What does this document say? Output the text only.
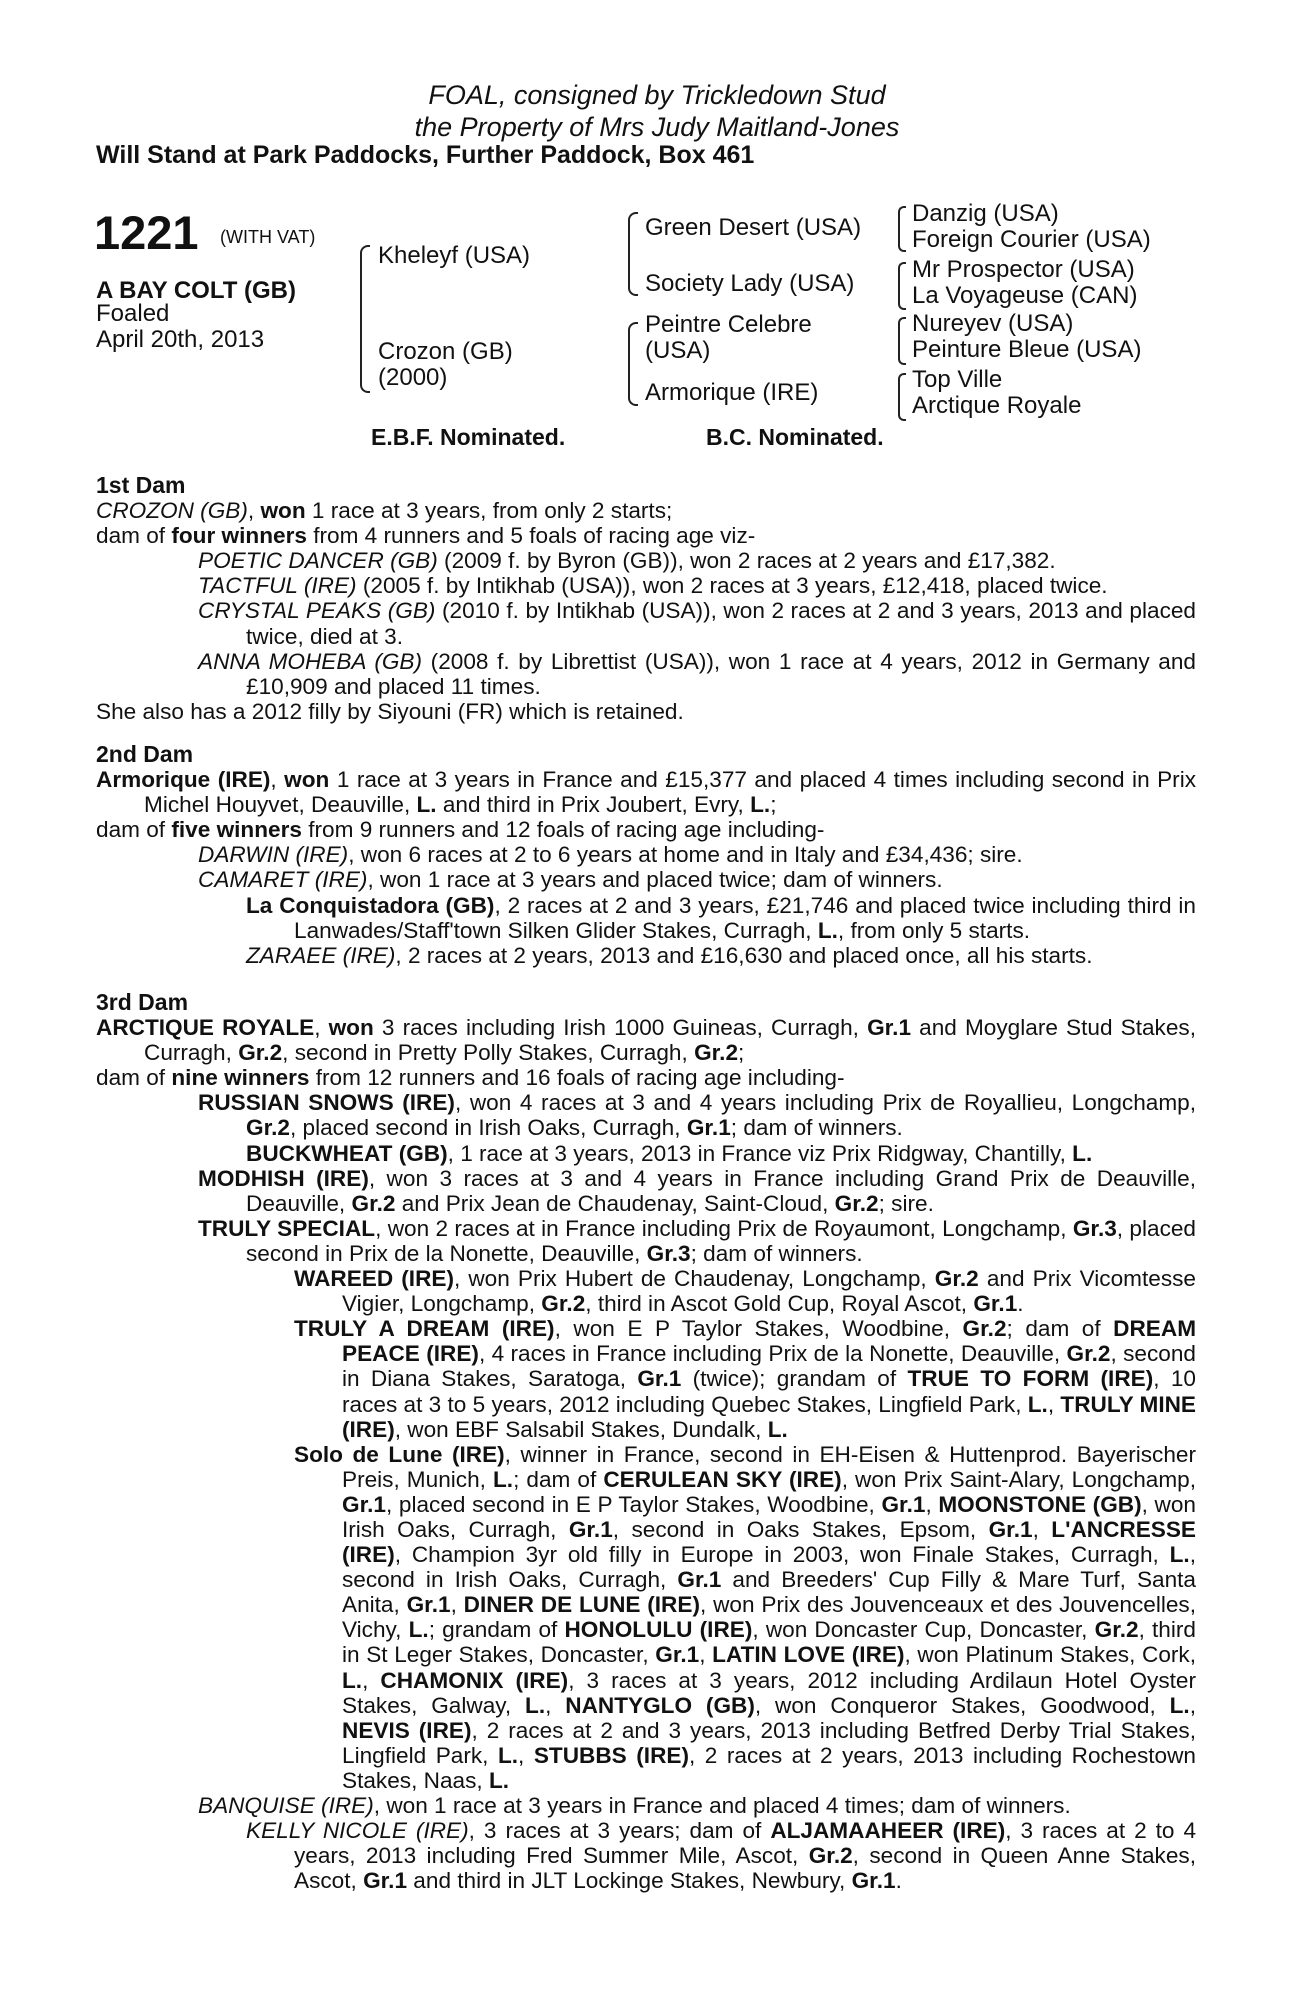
FOAL, consigned by Trickledown Stud
the Property of Mrs Judy Maitland-Jones
Will Stand at Park Paddocks, Further Paddock, Box 461
1221 (WITH VAT)
A BAY COLT (GB)
Foaled
April 20th, 2013
Kheleyf (USA)
Crozon (GB)
(2000)
Green Desert (USA)
Society Lady (USA)
Peintre Celebre
(USA)
Armorique (IRE)
Danzig (USA)
Foreign Courier (USA)
Mr Prospector (USA)
La Voyageuse (CAN)
Nureyev (USA)
Peinture Bleue (USA)
Top Ville
Arctique Royale
E.B.F. Nominated.	B.C. Nominated.

1st Dam

CROZON (GB), won 1 race at 3 years, from only 2 starts;

dam of four winners from 4 runners and 5 foals of racing age viz-

POETIC DANCER (GB) (2009 f. by Byron (GB)), won 2 races at 2 years and £17,382.

TACTFUL (IRE) (2005 f. by Intikhab (USA)), won 2 races at 3 years, £12,418, placed twice.

CRYSTAL PEAKS (GB) (2010 f. by Intikhab (USA)), won 2 races at 2 and 3 years, 2013 and placed twice, died at 3.

ANNA MOHEBA (GB) (2008 f. by Librettist (USA)), won 1 race at 4 years, 2012 in Germany and £10,909 and placed 11 times.

She also has a 2012 filly by Siyouni (FR) which is retained.

2nd Dam

Armorique (IRE), won 1 race at 3 years in France and £15,377 and placed 4 times including second in Prix Michel Houyvet, Deauville, L. and third in Prix Joubert, Evry, L.;

dam of five winners from 9 runners and 12 foals of racing age including-

DARWIN (IRE), won 6 races at 2 to 6 years at home and in Italy and £34,436; sire.

CAMARET (IRE), won 1 race at 3 years and placed twice; dam of winners.

La Conquistadora (GB), 2 races at 2 and 3 years, £21,746 and placed twice including third in Lanwades/Staff'town Silken Glider Stakes, Curragh, L., from only 5 starts.

ZARAEE (IRE), 2 races at 2 years, 2013 and £16,630 and placed once, all his starts.

3rd Dam

ARCTIQUE ROYALE, won 3 races including Irish 1000 Guineas, Curragh, Gr.1 and Moyglare Stud Stakes, Curragh, Gr.2, second in Pretty Polly Stakes, Curragh, Gr.2;

dam of nine winners from 12 runners and 16 foals of racing age including-

RUSSIAN SNOWS (IRE), won 4 races at 3 and 4 years including Prix de Royallieu, Longchamp, Gr.2, placed second in Irish Oaks, Curragh, Gr.1; dam of winners.

BUCKWHEAT (GB), 1 race at 3 years, 2013 in France viz Prix Ridgway, Chantilly, L.

MODHISH (IRE), won 3 races at 3 and 4 years in France including Grand Prix de Deauville, Deauville, Gr.2 and Prix Jean de Chaudenay, Saint-Cloud, Gr.2; sire.

TRULY SPECIAL, won 2 races at in France including Prix de Royaumont, Longchamp, Gr.3, placed second in Prix de la Nonette, Deauville, Gr.3; dam of winners.

WAREED (IRE), won Prix Hubert de Chaudenay, Longchamp, Gr.2 and Prix Vicomtesse Vigier, Longchamp, Gr.2, third in Ascot Gold Cup, Royal Ascot, Gr.1.

TRULY A DREAM (IRE), won E P Taylor Stakes, Woodbine, Gr.2; dam of DREAM PEACE (IRE), 4 races in France including Prix de la Nonette, Deauville, Gr.2, second in Diana Stakes, Saratoga, Gr.1 (twice); grandam of TRUE TO FORM (IRE), 10 races at 3 to 5 years, 2012 including Quebec Stakes, Lingfield Park, L., TRULY MINE (IRE), won EBF Salsabil Stakes, Dundalk, L.

Solo de Lune (IRE), winner in France, second in EH-Eisen & Huttenprod. Bayerischer Preis, Munich, L.; dam of CERULEAN SKY (IRE), won Prix Saint-Alary, Longchamp, Gr.1, placed second in E P Taylor Stakes, Woodbine, Gr.1, MOONSTONE (GB), won Irish Oaks, Curragh, Gr.1, second in Oaks Stakes, Epsom, Gr.1, L'ANCRESSE (IRE), Champion 3yr old filly in Europe in 2003, won Finale Stakes, Curragh, L., second in Irish Oaks, Curragh, Gr.1 and Breeders' Cup Filly & Mare Turf, Santa Anita, Gr.1, DINER DE LUNE (IRE), won Prix des Jouvenceaux et des Jouvencelles, Vichy, L.; grandam of HONOLULU (IRE), won Doncaster Cup, Doncaster, Gr.2, third in St Leger Stakes, Doncaster, Gr.1, LATIN LOVE (IRE), won Platinum Stakes, Cork, L., CHAMONIX (IRE), 3 races at 3 years, 2012 including Ardilaun Hotel Oyster Stakes, Galway, L., NANTYGLO (GB), won Conqueror Stakes, Goodwood, L., NEVIS (IRE), 2 races at 2 and 3 years, 2013 including Betfred Derby Trial Stakes, Lingfield Park, L., STUBBS (IRE), 2 races at 2 years, 2013 including Rochestown Stakes, Naas, L.

BANQUISE (IRE), won 1 race at 3 years in France and placed 4 times; dam of winners.

KELLY NICOLE (IRE), 3 races at 3 years; dam of ALJAMAAHEER (IRE), 3 races at 2 to 4 years, 2013 including Fred Summer Mile, Ascot, Gr.2, second in Queen Anne Stakes, Ascot, Gr.1 and third in JLT Lockinge Stakes, Newbury, Gr.1.
